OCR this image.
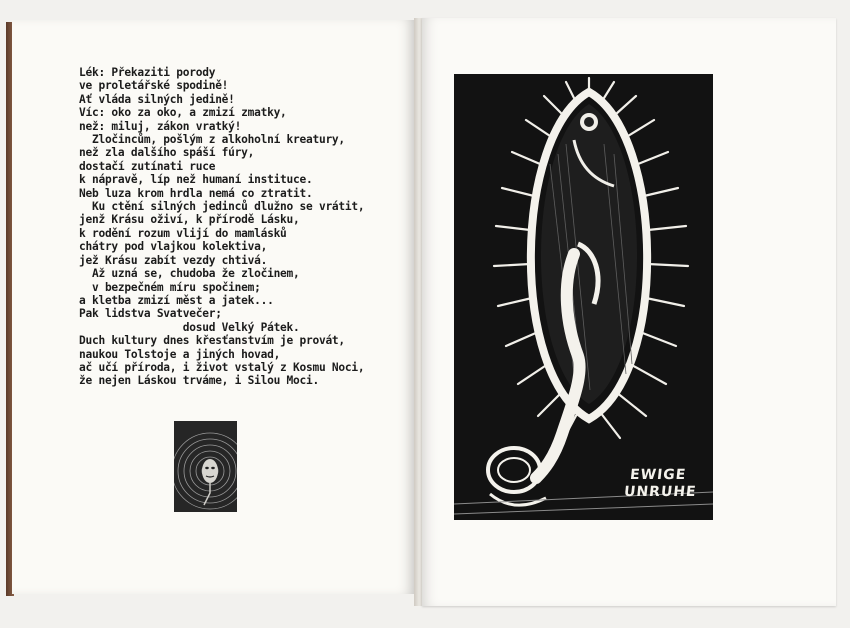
Lék: Překaziti porody
ve proletářské spodině!
Ať vláda silných jedině!
Víc: oko za oko, a zmizí zmatky,
než: miluj, zákon vratký!
Zločincům, pošlým z alkoholní kreatury,
než zla dalšího spáší fúry,
dostačí zutínati ruce
k nápravě, líp než humaní instituce.
Neb luza krom hrdla nemá co ztratit.
Ku ctění silných jedinců dlužno se vrátit,
jenž Krásu oživí, k přírodě Lásku,
k rodění rozum vlijí do mamlásků
chátry pod vlajkou kolektiva,
jež Krásu zabít vezdy chtivá.
Až uzná se, chudoba že zločinem,
v bezpečném míru spočinem;
a kletba zmizí měst a jatek...
Pak lidstva Svatvečer;
dosud Velký Pátek.
Duch kultury dnes křesťanstvím je provát,
naukou Tolstoje a jiných hovad,
ač učí příroda, i život vstalý z Kosmu Noci,
že nejen Láskou trváme, i Silou Moci.
EWIGE
UNRUHE
